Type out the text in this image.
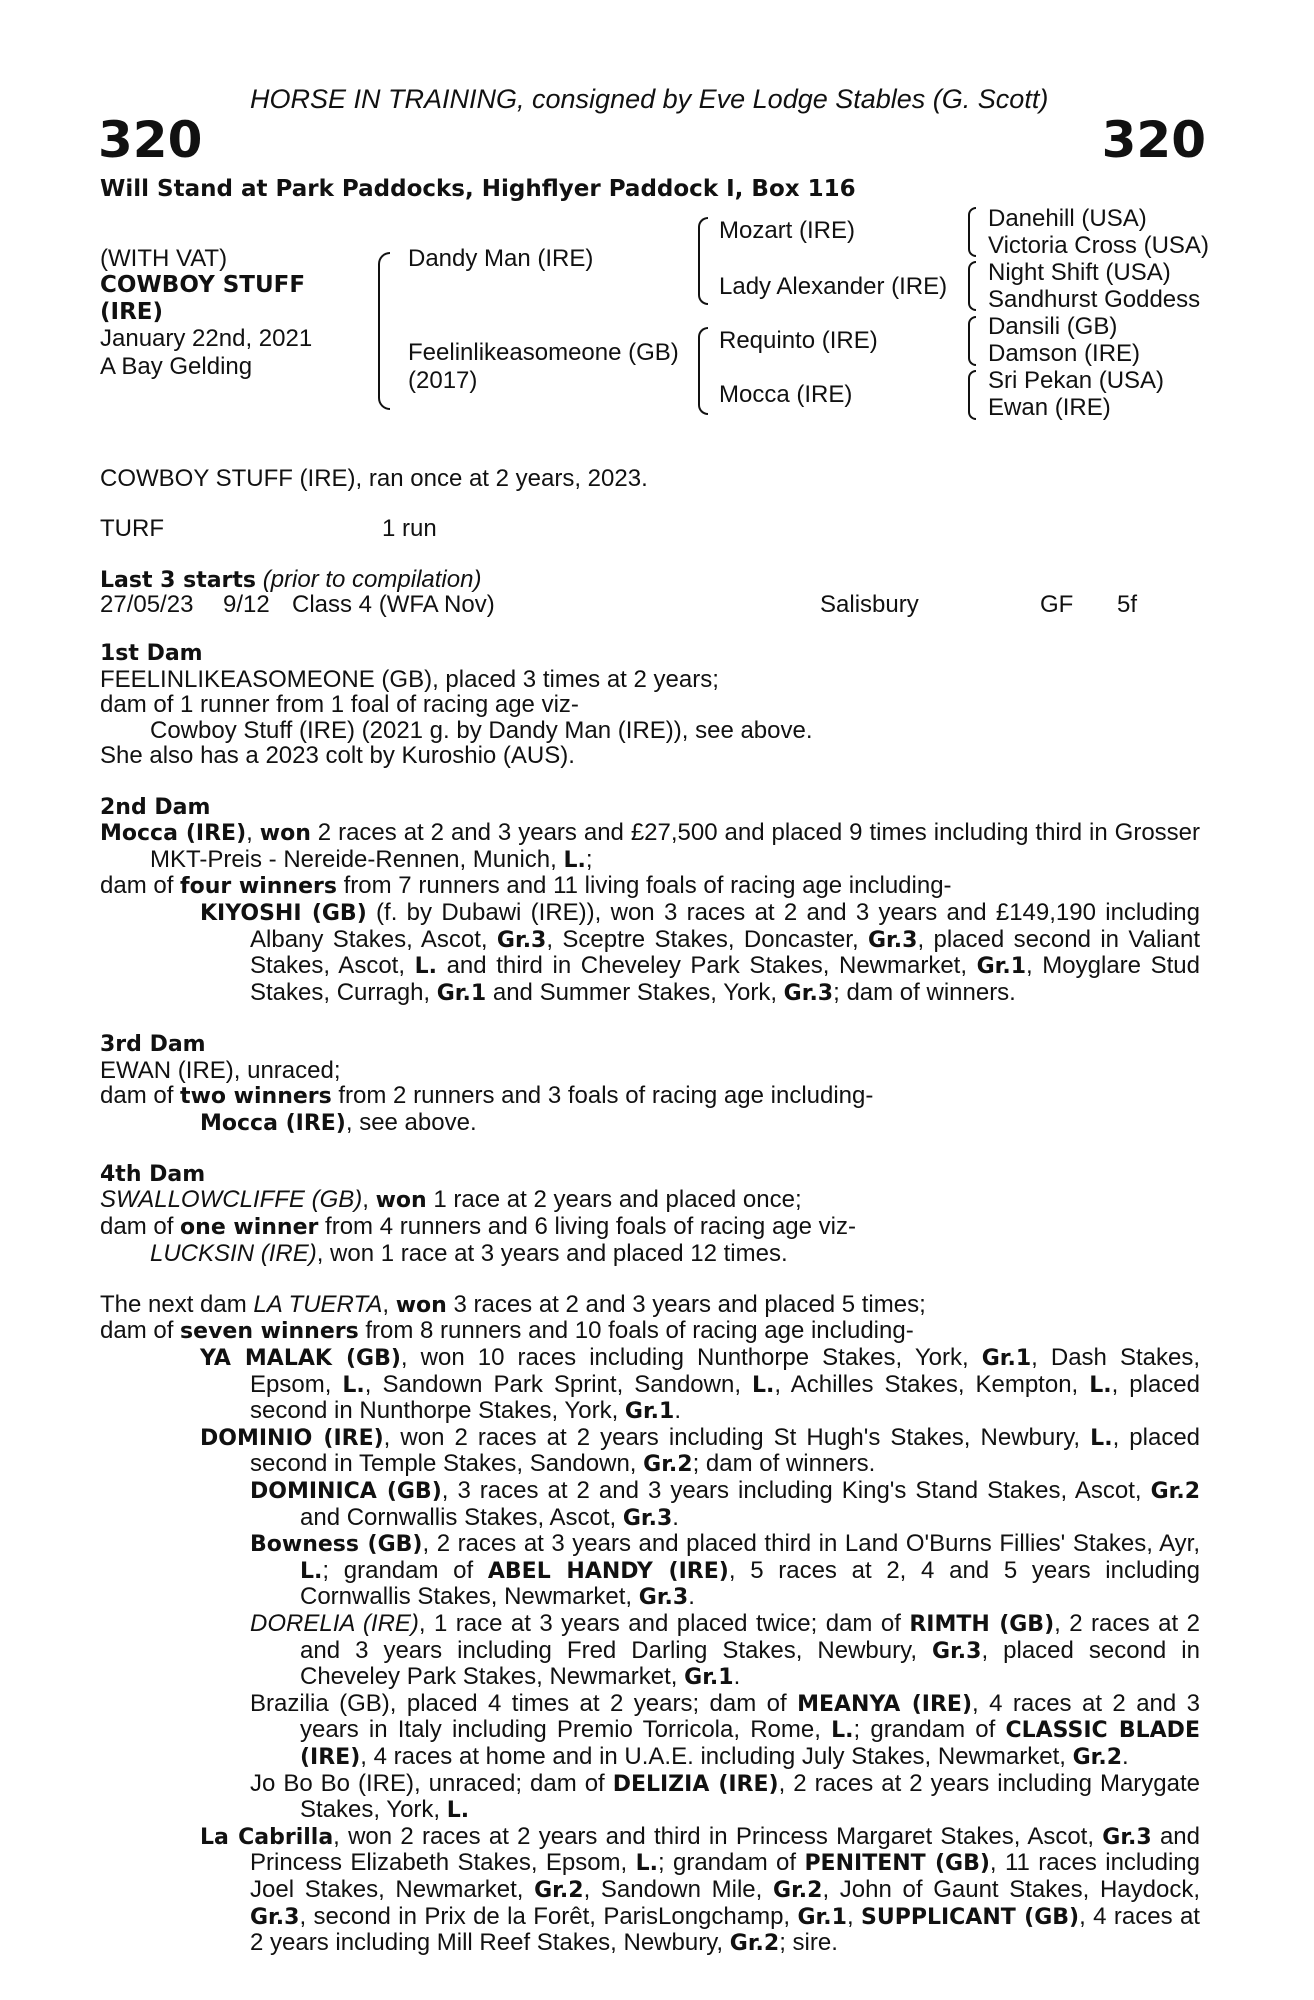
HORSE IN TRAINING, consigned by Eve Lodge Stables (G. Scott)
320	320
Will Stand at Park Paddocks, Highflyer Paddock I, Box 116
(WITH VAT)
COWBOY STUFF
(IRE)
January 22nd, 2021
A Bay Gelding
Dandy Man (IRE)
Feelinlikeasomeone (GB)
(2017)
Mozart (IRE)
Lady Alexander (IRE)
Requinto (IRE)
Mocca (IRE)
Danehill (USA)
Victoria Cross (USA)
Night Shift (USA)
Sandhurst Goddess
Dansili (GB)
Damson (IRE)
Sri Pekan (USA)
Ewan (IRE)
COWBOY STUFF (IRE), ran once at 2 years, 2023.
TURF	1 run
Last 3 starts (prior to compilation)
27/05/23 9/12 Class 4 (WFA Nov)	Salisbury	GF 5f

1st Dam

FEELINLIKEASOMEONE (GB), placed 3 times at 2 years;

dam of 1 runner from 1 foal of racing age viz-

Cowboy Stuff (IRE) (2021 g. by Dandy Man (IRE)), see above.

She also has a 2023 colt by Kuroshio (AUS).

2nd Dam

Mocca (IRE), won 2 races at 2 and 3 years and £27,500 and placed 9 times including third in Grosser MKT-Preis - Nereide-Rennen, Munich, L.;

dam of four winners from 7 runners and 11 living foals of racing age including-

KIYOSHI (GB) (f. by Dubawi (IRE)), won 3 races at 2 and 3 years and £149,190 including Albany Stakes, Ascot, Gr.3, Sceptre Stakes, Doncaster, Gr.3, placed second in Valiant Stakes, Ascot, L. and third in Cheveley Park Stakes, Newmarket, Gr.1, Moyglare Stud Stakes, Curragh, Gr.1 and Summer Stakes, York, Gr.3; dam of winners.

3rd Dam

EWAN (IRE), unraced;

dam of two winners from 2 runners and 3 foals of racing age including-

Mocca (IRE), see above.

4th Dam

SWALLOWCLIFFE (GB), won 1 race at 2 years and placed once;

dam of one winner from 4 runners and 6 living foals of racing age viz-

LUCKSIN (IRE), won 1 race at 3 years and placed 12 times.

The next dam LA TUERTA, won 3 races at 2 and 3 years and placed 5 times;

dam of seven winners from 8 runners and 10 foals of racing age including-

YA MALAK (GB), won 10 races including Nunthorpe Stakes, York, Gr.1, Dash Stakes, Epsom, L., Sandown Park Sprint, Sandown, L., Achilles Stakes, Kempton, L., placed second in Nunthorpe Stakes, York, Gr.1.

DOMINIO (IRE), won 2 races at 2 years including St Hugh's Stakes, Newbury, L., placed second in Temple Stakes, Sandown, Gr.2; dam of winners.

DOMINICA (GB), 3 races at 2 and 3 years including King's Stand Stakes, Ascot, Gr.2 and Cornwallis Stakes, Ascot, Gr.3.

Bowness (GB), 2 races at 3 years and placed third in Land O'Burns Fillies' Stakes, Ayr, L.; grandam of ABEL HANDY (IRE), 5 races at 2, 4 and 5 years including Cornwallis Stakes, Newmarket, Gr.3.

DORELIA (IRE), 1 race at 3 years and placed twice; dam of RIMTH (GB), 2 races at 2 and 3 years including Fred Darling Stakes, Newbury, Gr.3, placed second in Cheveley Park Stakes, Newmarket, Gr.1.

Brazilia (GB), placed 4 times at 2 years; dam of MEANYA (IRE), 4 races at 2 and 3 years in Italy including Premio Torricola, Rome, L.; grandam of CLASSIC BLADE (IRE), 4 races at home and in U.A.E. including July Stakes, Newmarket, Gr.2.

Jo Bo Bo (IRE), unraced; dam of DELIZIA (IRE), 2 races at 2 years including Marygate Stakes, York, L.

La Cabrilla, won 2 races at 2 years and third in Princess Margaret Stakes, Ascot, Gr.3 and Princess Elizabeth Stakes, Epsom, L.; grandam of PENITENT (GB), 11 races including Joel Stakes, Newmarket, Gr.2, Sandown Mile, Gr.2, John of Gaunt Stakes, Haydock, Gr.3, second in Prix de la Forêt, ParisLongchamp, Gr.1, SUPPLICANT (GB), 4 races at 2 years including Mill Reef Stakes, Newbury, Gr.2; sire.
